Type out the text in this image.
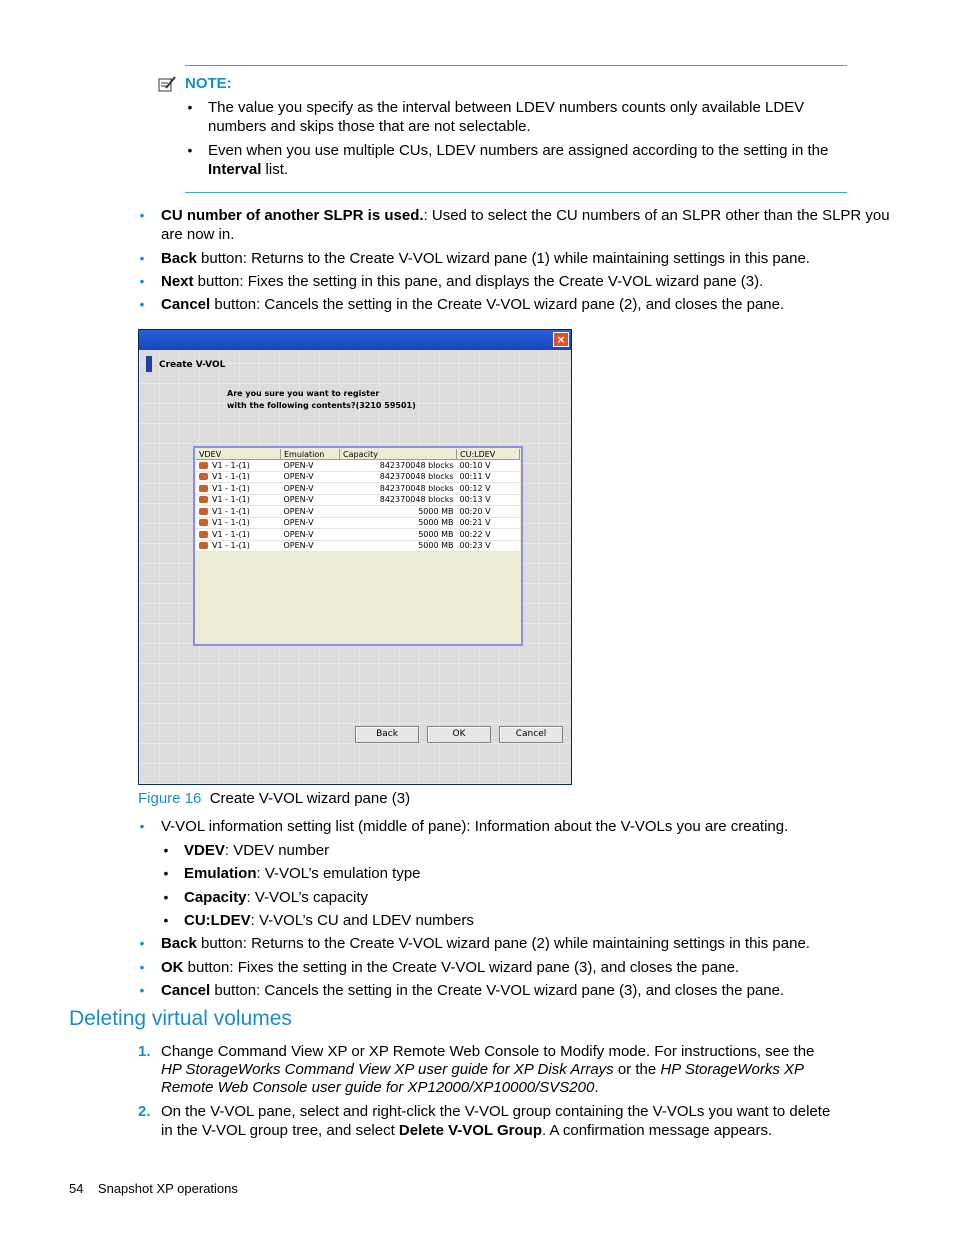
NOTE:
• The value you specify as the interval between LDEV numbers counts only available LDEV
numbers and skips those that are not selectable.
• Even when you use multiple CUs, LDEV numbers are assigned according to the setting in the
Interval list.
• CU number of another SLPR is used.: Used to select the CU numbers of an SLPR other than the SLPR you
are now in.
• Back button: Returns to the Create V-VOL wizard pane (1) while maintaining settings in this pane.
• Next button: Fixes the setting in this pane, and displays the Create V-VOL wizard pane (3).
• Cancel button: Cancels the setting in the Create V-VOL wizard pane (2), and closes the pane.
×
Create V-VOL
Are you sure you want to register
with the following contents?(3210 59501)
VDEV	Emulation	Capacity	CU:LDEV
V1 - 1-(1)	OPEN-V	842370048 blocks	00:10 V
V1 - 1-(1)	OPEN-V	842370048 blocks	00:11 V
V1 - 1-(1)	OPEN-V	842370048 blocks	00:12 V
V1 - 1-(1)	OPEN-V	842370048 blocks	00:13 V
V1 - 1-(1)	OPEN-V	5000 MB	00:20 V
V1 - 1-(1)	OPEN-V	5000 MB	00:21 V
V1 - 1-(1)	OPEN-V	5000 MB	00:22 V
V1 - 1-(1)	OPEN-V	5000 MB	00:23 V
Back	OK	Cancel
Figure 16 Create V-VOL wizard pane (3)
• V-VOL information setting list (middle of pane): Information about the V-VOLs you are creating.
• VDEV: VDEV number
• Emulation: V-VOL’s emulation type
• Capacity: V-VOL’s capacity
• CU:LDEV: V-VOL’s CU and LDEV numbers
• Back button: Returns to the Create V-VOL wizard pane (2) while maintaining settings in this pane.
• OK button: Fixes the setting in the Create V-VOL wizard pane (3), and closes the pane.
• Cancel button: Cancels the setting in the Create V-VOL wizard pane (3), and closes the pane.
Deleting virtual volumes
1. Change Command View XP or XP Remote Web Console to Modify mode. For instructions, see the
HP StorageWorks Command View XP user guide for XP Disk Arrays or the HP StorageWorks XP
Remote Web Console user guide for XP12000/XP10000/SVS200.
2. On the V-VOL pane, select and right-click the V-VOL group containing the V-VOLs you want to delete
in the V-VOL group tree, and select Delete V-VOL Group. A confirmation message appears.
54 Snapshot XP operations
